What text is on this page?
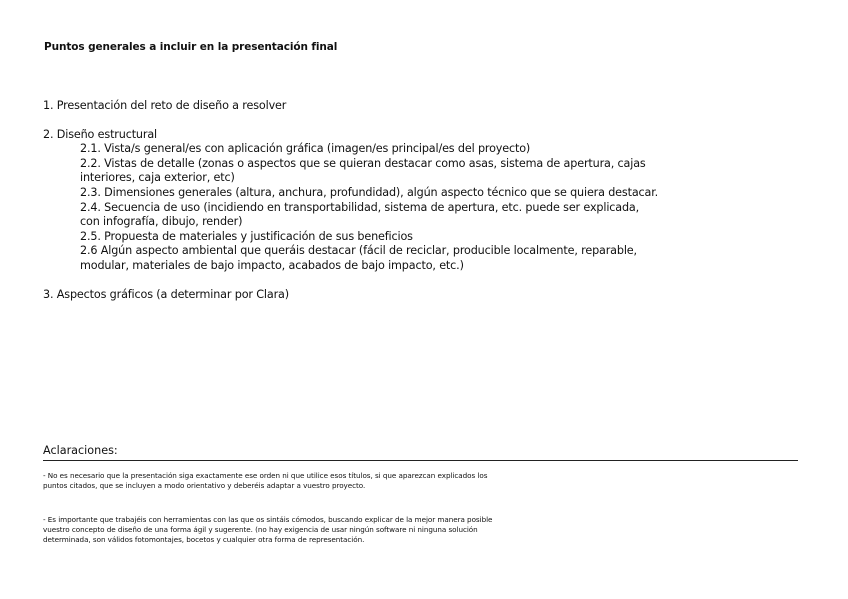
Puntos generales a incluir en la presentación final
1. Presentación del reto de diseño a resolver
2. Diseño estructural
2.1. Vista/s general/es con aplicación gráfica (imagen/es principal/es del proyecto)
2.2. Vistas de detalle (zonas o aspectos que se quieran destacar como asas, sistema de apertura, cajas
interiores, caja exterior, etc)
2.3. Dimensiones generales (altura, anchura, profundidad), algún aspecto técnico que se quiera destacar.
2.4. Secuencia de uso (incidiendo en transportabilidad, sistema de apertura, etc. puede ser explicada,
con infografía, dibujo, render)
2.5. Propuesta de materiales y justificación de sus beneficios
2.6 Algún aspecto ambiental que queráis destacar (fácil de reciclar, producible localmente, reparable,
modular, materiales de bajo impacto, acabados de bajo impacto, etc.)
3. Aspectos gráficos (a determinar por Clara)
Aclaraciones:
- No es necesario que la presentación siga exactamente ese orden ni que utilice esos títulos, si que aparezcan explicados los puntos citados, que se incluyen a modo orientativo y deberéis adaptar a vuestro proyecto.
- Es importante que trabajéis con herramientas con las que os sintáis cómodos, buscando explicar de la mejor manera posible vuestro concepto de diseño de una forma ágil y sugerente. (no hay exigencia de usar ningún software ni ninguna solución determinada, son válidos fotomontajes, bocetos y cualquier otra forma de representación.
